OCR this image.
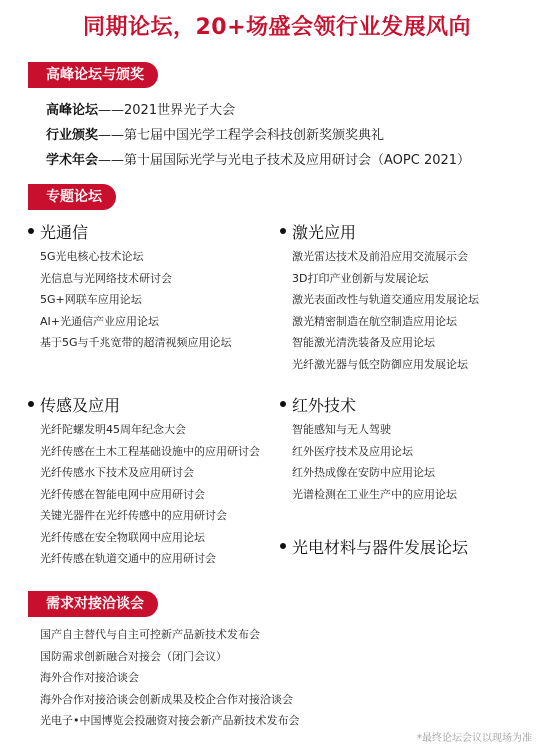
同期论坛，20+场盛会领行业发展风向
高峰论坛与颁奖
高峰论坛——2021世界光子大会
行业颁奖——第七届中国光学工程学会科技创新奖颁奖典礼
学术年会——第十届国际光学与光电子技术及应用研讨会（AOPC 2021）
专题论坛
光通信
5G光电核心技术论坛
光信息与光网络技术研讨会
5G+网联车应用论坛
AI+光通信产业应用论坛
基于5G与千兆宽带的超清视频应用论坛
激光应用
激光雷达技术及前沿应用交流展示会
3D打印产业创新与发展论坛
激光表面改性与轨道交通应用发展论坛
激光精密制造在航空制造应用论坛
智能激光清洗装备及应用论坛
光纤激光器与低空防御应用发展论坛
传感及应用
光纤陀螺发明45周年纪念大会
光纤传感在土木工程基础设施中的应用研讨会
光纤传感水下技术及应用研讨会
光纤传感在智能电网中应用研讨会
关键光器件在光纤传感中的应用研讨会
光纤传感在安全物联网中应用论坛
光纤传感在轨道交通中的应用研讨会
红外技术
智能感知与无人驾驶
红外医疗技术及应用论坛
红外热成像在安防中应用论坛
光谱检测在工业生产中的应用论坛
光电材料与器件发展论坛
需求对接洽谈会
国产自主替代与自主可控新产品新技术发布会
国防需求创新融合对接会（闭门会议）
海外合作对接洽谈会
海外合作对接洽谈会创新成果及校企合作对接洽谈会
光电子•中国博览会投融资对接会新产品新技术发布会
*最终论坛会议以现场为准
